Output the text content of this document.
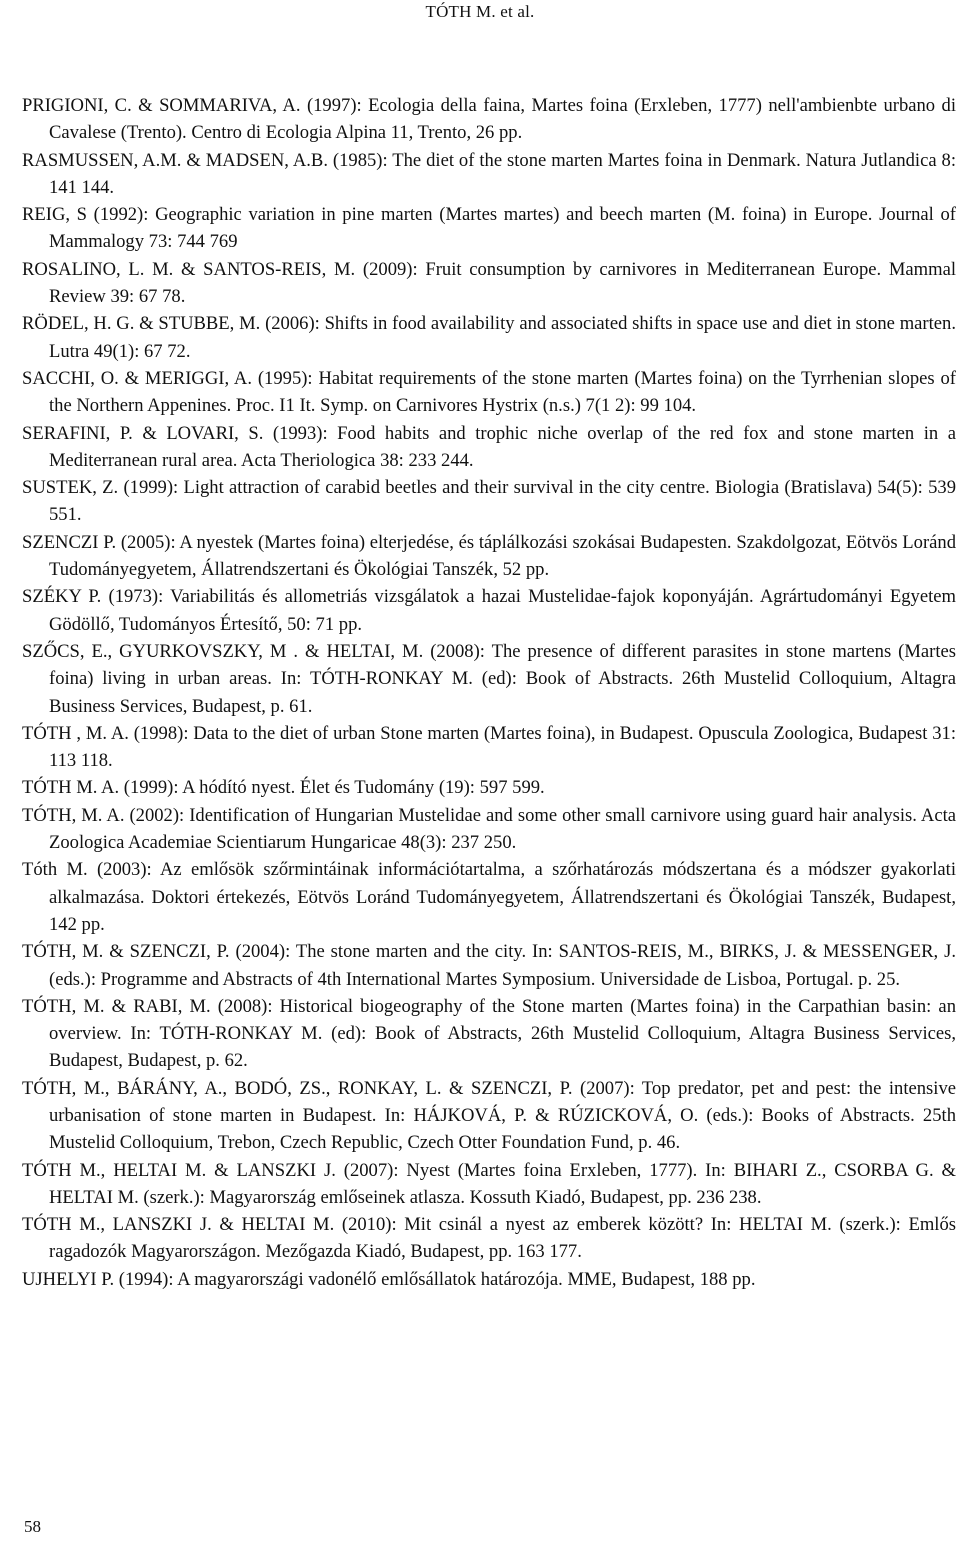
TÓTH M. et al.

PRIGIONI, C. & SOMMARIVA, A. (1997): Ecologia della faina, Martes foina (Erxleben, 1777) nell'ambienbte urbano di Cavalese (Trento). Centro di Ecologia Alpina 11, Trento, 26 pp.

RASMUSSEN, A.M. & MADSEN, A.B. (1985): The diet of the stone marten Martes foina in Denmark. Natura Jutlandica 8: 141 144.

REIG, S (1992): Geographic variation in pine marten (Martes martes) and beech marten (M. foina) in Europe. Journal of Mammalogy 73: 744 769

ROSALINO, L. M. & SANTOS-REIS, M. (2009): Fruit consumption by carnivores in Mediterranean Europe. Mammal Review 39: 67 78.

RÖDEL, H. G. & STUBBE, M. (2006): Shifts in food availability and associated shifts in space use and diet in stone marten. Lutra 49(1): 67 72.

SACCHI, O. & MERIGGI, A. (1995): Habitat requirements of the stone marten (Martes foina) on the Tyrrhenian slopes of the Northern Appenines. Proc. I1 It. Symp. on Carnivores Hystrix (n.s.) 7(1 2): 99 104.

SERAFINI, P. & LOVARI, S. (1993): Food habits and trophic niche overlap of the red fox and stone marten in a Mediterranean rural area. Acta Theriologica 38: 233 244.

SUSTEK, Z. (1999): Light attraction of carabid beetles and their survival in the city centre. Biologia (Bratislava) 54(5): 539 551.

SZENCZI P. (2005): A nyestek (Martes foina) elterjedése, és táplálkozási szokásai Budapesten. Szakdolgozat, Eötvös Loránd Tudományegyetem, Állatrendszertani és Ökológiai Tanszék, 52 pp.

SZÉKY P. (1973): Variabilitás és allometriás vizsgálatok a hazai Mustelidae-fajok koponyáján. Agrártudományi Egyetem Gödöllő, Tudományos Értesítő, 50: 71 pp.

SZŐCS, E., GYURKOVSZKY, M . & HELTAI, M. (2008): The presence of different parasites in stone martens (Martes foina) living in urban areas. In: TÓTH-RONKAY M. (ed): Book of Abstracts. 26th Mustelid Colloquium, Altagra Business Services, Budapest, p. 61.

TÓTH , M. A. (1998): Data to the diet of urban Stone marten (Martes foina), in Budapest. Opuscula Zoologica, Budapest 31: 113 118.

TÓTH M. A. (1999): A hódító nyest. Élet és Tudomány (19): 597 599.

TÓTH, M. A. (2002): Identification of Hungarian Mustelidae and some other small carnivore using guard hair analysis. Acta Zoologica Academiae Scientiarum Hungaricae 48(3): 237 250.

Tóth M. (2003): Az emlősök szőrmintáinak információtartalma, a szőrhatározás módszertana és a módszer gyakorlati alkalmazása. Doktori értekezés, Eötvös Loránd Tudományegyetem, Állatrendszertani és Ökológiai Tanszék, Budapest, 142 pp.

TÓTH, M. & SZENCZI, P. (2004): The stone marten and the city. In: SANTOS-REIS, M., BIRKS, J. & MESSENGER, J. (eds.): Programme and Abstracts of 4th International Martes Symposium. Universidade de Lisboa, Portugal. p. 25.

TÓTH, M. & RABI, M. (2008): Historical biogeography of the Stone marten (Martes foina) in the Carpathian basin: an overview. In: TÓTH-RONKAY M. (ed): Book of Abstracts, 26th Mustelid Colloquium, Altagra Business Services, Budapest, Budapest, p. 62.

TÓTH, M., BÁRÁNY, A., BODÓ, ZS., RONKAY, L. & SZENCZI, P. (2007): Top predator, pet and pest: the intensive urbanisation of stone marten in Budapest. In: HÁJKOVÁ, P. & RÚZICKOVÁ, O. (eds.): Books of Abstracts. 25th Mustelid Colloquium, Trebon, Czech Republic, Czech Otter Foundation Fund, p. 46.

TÓTH M., HELTAI M. & LANSZKI J. (2007): Nyest (Martes foina Erxleben, 1777). In: BIHARI Z., CSORBA G. & HELTAI M. (szerk.): Magyarország emlőseinek atlasza. Kossuth Kiadó, Budapest, pp. 236 238.

TÓTH M., LANSZKI J. & HELTAI M. (2010): Mit csinál a nyest az emberek között? In: HELTAI M. (szerk.): Emlős ragadozók Magyarországon. Mezőgazda Kiadó, Budapest, pp. 163 177.

UJHELYI P. (1994): A magyarországi vadonélő emlősállatok határozója. MME, Budapest, 188 pp.

58
